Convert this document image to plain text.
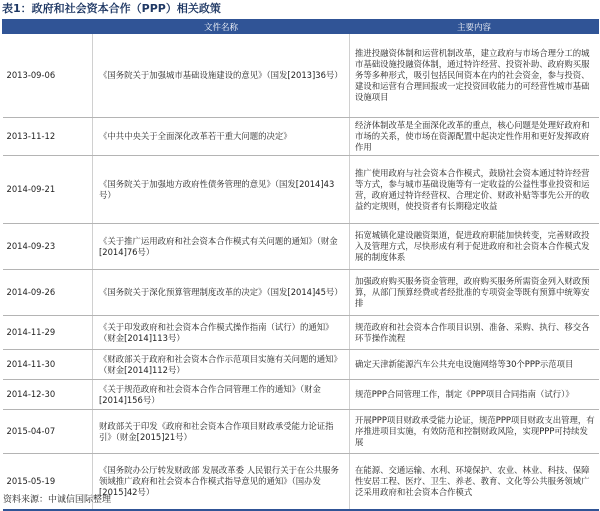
表1：政府和社会资本合作（PPP）相关政策
	文件名称	主要内容
2013-09-06	《国务院关于加强城市基础设施建设的意见》（国发[2013]36号）	推进投融资体制和运营机制改革，建立政府与市场合理分工的城市基础设施投融资体制，通过特许经营、投资补助、政府购买服务等多种形式，吸引包括民间资本在内的社会资金，参与投资、建设和运营有合理回报或一定投资回收能力的可经营性城市基础设施项目
2013-11-12	《中共中央关于全面深化改革若干重大问题的决定》	经济体制改革是全面深化改革的重点，核心问题是处理好政府和市场的关系，使市场在资源配置中起决定性作用和更好发挥政府作用
2014-09-21	《国务院关于加强地方政府性债务管理的意见》（国发[2014]43号）	推广使用政府与社会资本合作模式，鼓励社会资本通过特许经营等方式，参与城市基础设施等有一定收益的公益性事业投资和运营，政府通过特许经营权、合理定价、财政补贴等事先公开的收益约定规则，使投资者有长期稳定收益
2014-09-23	《关于推广运用政府和社会资本合作模式有关问题的通知》（财金[2014]76号）	拓宽城镇化建设融资渠道，促进政府职能加快转变，完善财政投入及管理方式，尽快形成有利于促进政府和社会资本合作模式发展的制度体系
2014-09-26	《国务院关于深化预算管理制度改革的决定》（国发[2014]45号）	加强政府购买服务资金管理，政府购买服务所需资金列入财政预算，从部门预算经费或者经批准的专项资金等既有预算中统筹安排
2014-11-29	《关于印发政府和社会资本合作模式操作指南（试行）的通知》（财金[2014]113号）	规范政府和社会资本合作项目识别、准备、采购、执行、移交各环节操作流程
2014-11-30	《财政部关于政府和社会资本合作示范项目实施有关问题的通知》（财金[2014]112号）	确定天津新能源汽车公共充电设施网络等30个PPP示范项目
2014-12-30	《关于规范政府和社会资本合作合同管理工作的通知》（财金[2014]156号）	规范PPP合同管理工作，制定《PPP项目合同指南（试行）》
2015-04-07	财政部关于印发《政府和社会资本合作项目财政承受能力论证指引》（财金[2015]21号）	开展PPP项目财政承受能力论证，规范PPP项目财政支出管理，有序推进项目实施，有效防范和控制财政风险，实现PPP可持续发展
2015-05-19	《国务院办公厅转发财政部 发展改革委 人民银行关于在公共服务领域推广政府和社会资本合作模式指导意见的通知》（国办发[2015]42号）	在能源、交通运输、水利、环境保护、农业、林业、科技、保障性安居工程、医疗、卫生、养老、教育、文化等公共服务领域广泛采用政府和社会资本合作模式
资料来源：中诚信国际整理
